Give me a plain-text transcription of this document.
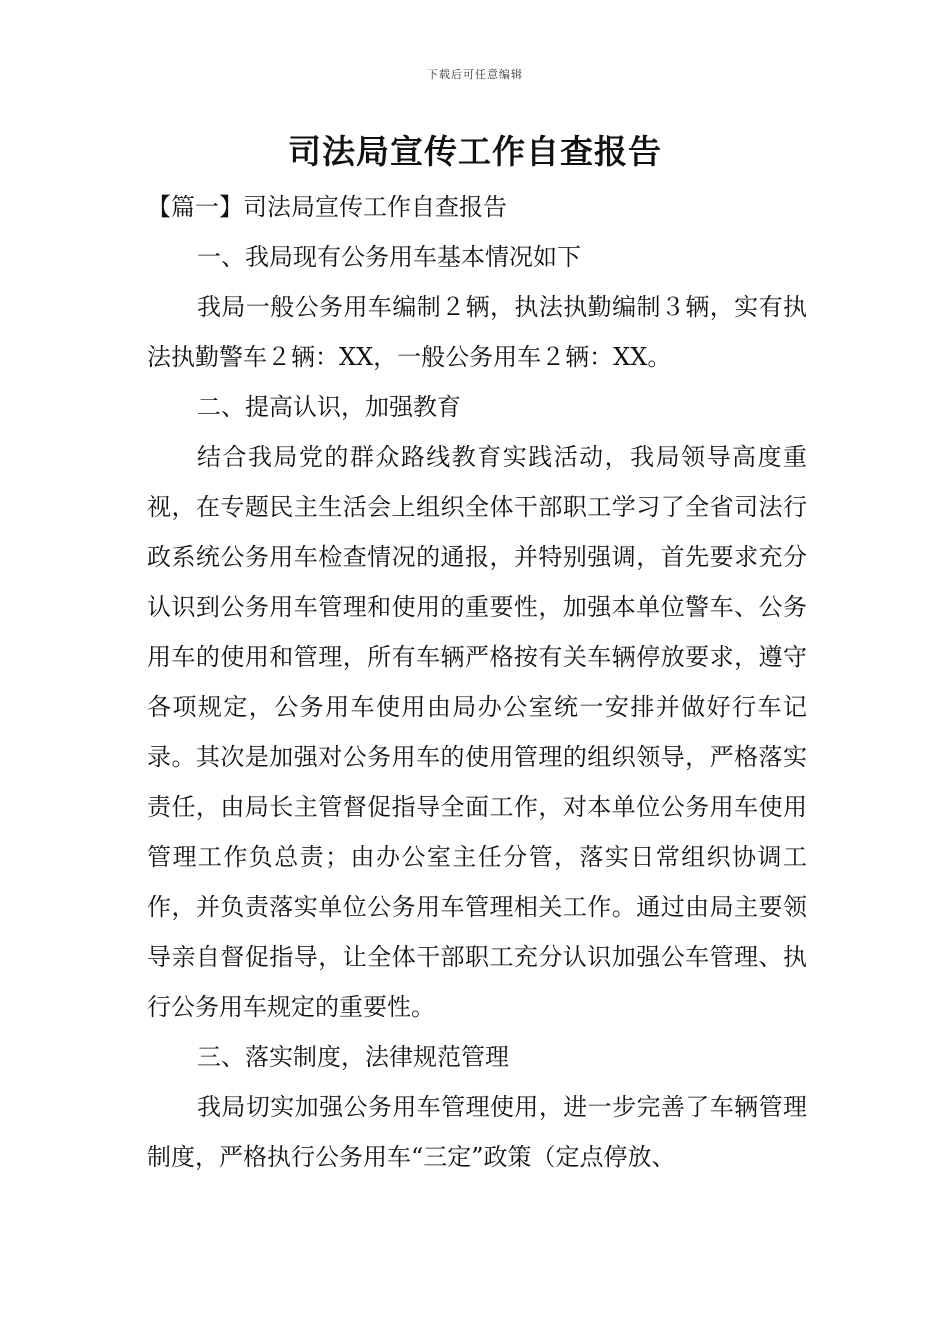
下载后可任意编辑
司法局宣传工作自查报告

【篇一】司法局宣传工作自查报告

一、我局现有公务用车基本情况如下

我局一般公务用车编制２辆，执法执勤编制３辆，实有执法执勤警车２辆：XX，一般公务用车２辆：XX。

二、提高认识，加强教育

结合我局党的群众路线教育实践活动，我局领导高度重视，在专题民主生活会上组织全体干部职工学习了全省司法行政系统公务用车检查情况的通报，并特别强调，首先要求充分认识到公务用车管理和使用的重要性，加强本单位警车、公务用车的使用和管理，所有车辆严格按有关车辆停放要求，遵守各项规定，公务用车使用由局办公室统一安排并做好行车记录。其次是加强对公务用车的使用管理的组织领导，严格落实责任，由局长主管督促指导全面工作，对本单位公务用车使用管理工作负总责；由办公室主任分管，落实日常组织协调工作，并负责落实单位公务用车管理相关工作。通过由局主要领导亲自督促指导，让全体干部职工充分认识加强公车管理、执行公务用车规定的重要性。

三、落实制度，法律规范管理

我局切实加强公务用车管理使用，进一步完善了车辆管理制度，严格执行公务用车“三定”政策（定点停放、
